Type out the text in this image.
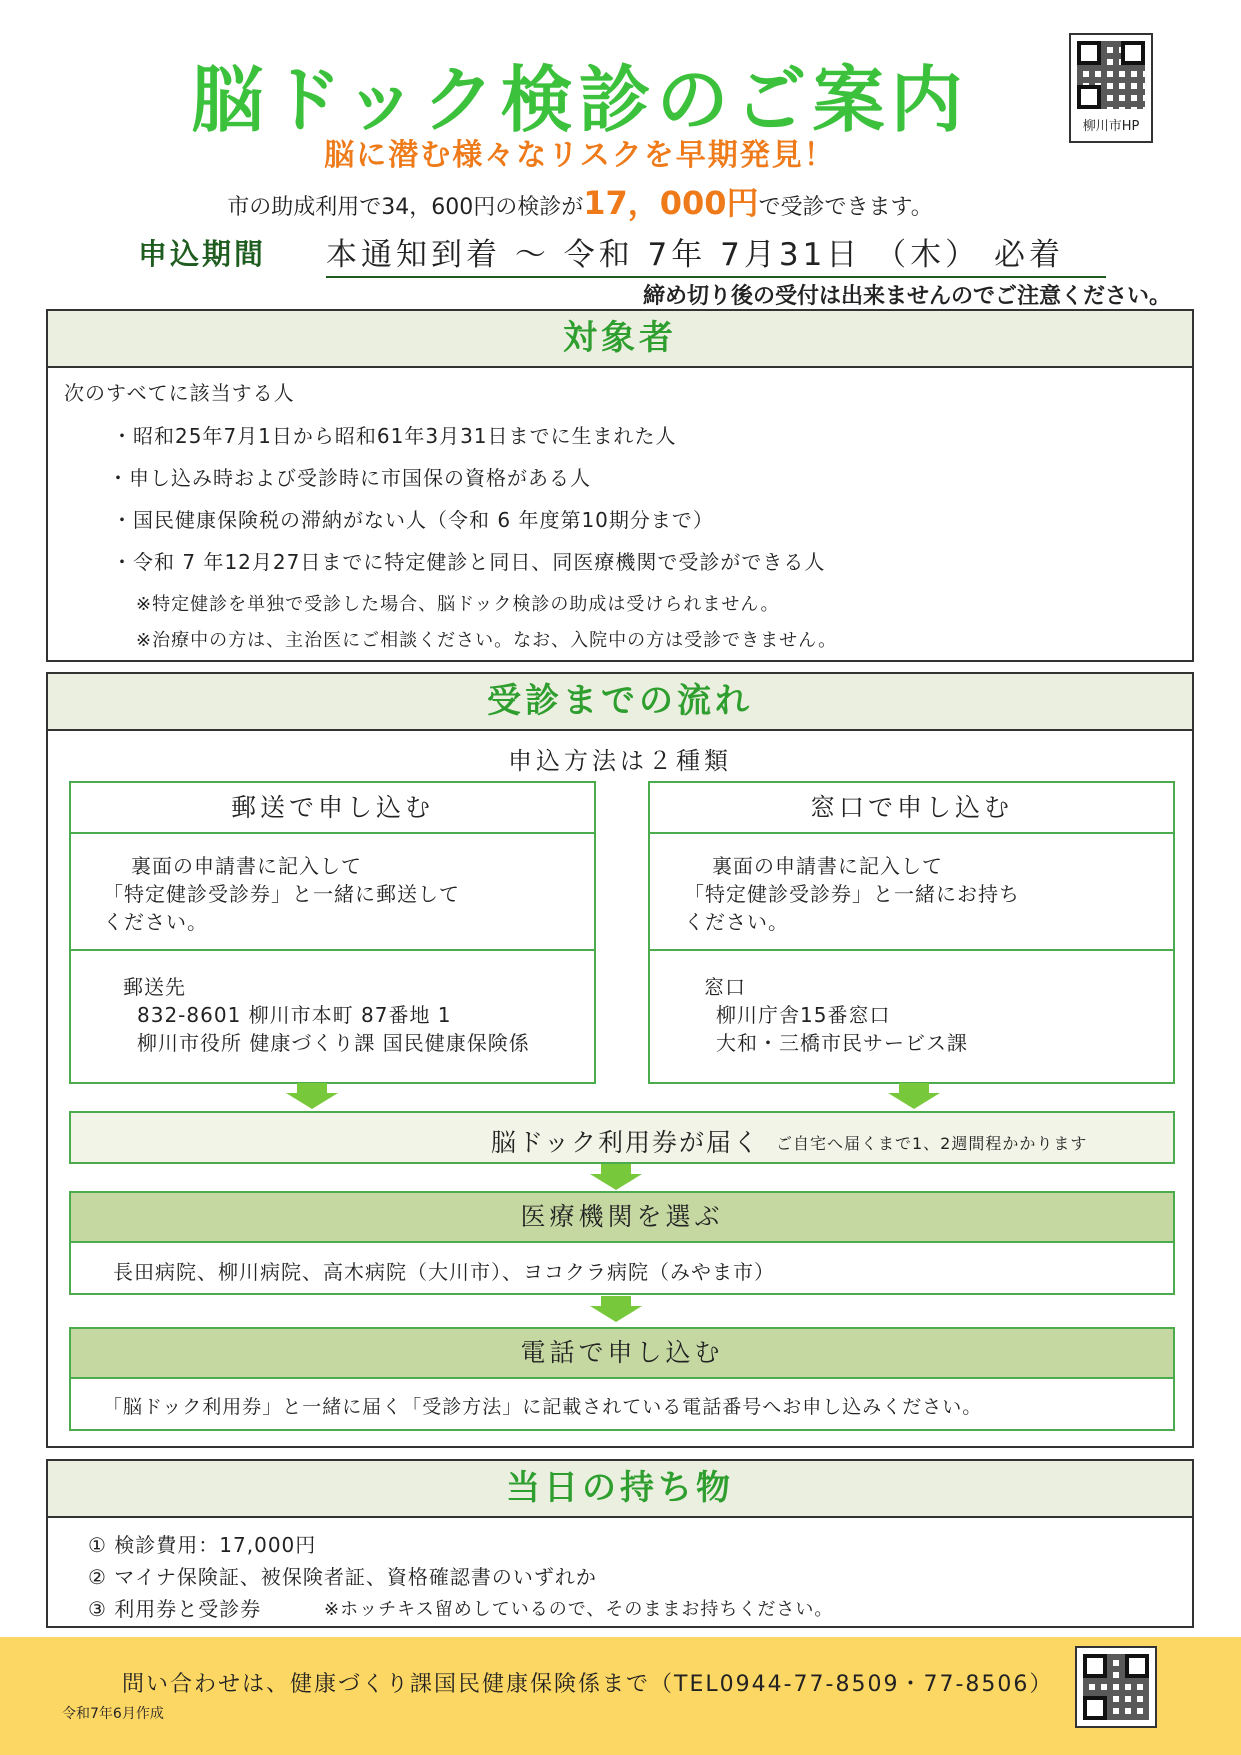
脳ドック検診のご案内
脳に潜む様々なリスクを早期発見！
市の助成利用で34，600円の検診が17，000円で受診できます。
申込期間 本通知到着 ～ 令和 7年 7月31日 （木） 必着
締め切り後の受付は出来ませんのでご注意ください。
柳川市HP
対象者
次のすべてに該当する人
・昭和25年7月1日から昭和61年3月31日までに生まれた人
・申し込み時および受診時に市国保の資格がある人
・国民健康保険税の滞納がない人（令和 6 年度第10期分まで）
・令和 7 年12月27日までに特定健診と同日、同医療機関で受診ができる人
※特定健診を単独で受診した場合、脳ドック検診の助成は受けられません。
※治療中の方は、主治医にご相談ください。なお、入院中の方は受診できません。
受診までの流れ
申込方法は２種類
郵送で申し込む
裏面の申請書に記入して
「特定健診受診券」と一緒に郵送して
ください。
郵送先
832-8601 柳川市本町 87番地 1
柳川市役所 健康づくり課 国民健康保険係
窓口で申し込む
裏面の申請書に記入して
「特定健診受診券」と一緒にお持ち
ください。
窓口
柳川庁舎15番窓口
大和・三橋市民サービス課
脳ドック利用券が届く ご自宅へ届くまで1、2週間程かかります
医療機関を選ぶ
長田病院、柳川病院、高木病院（大川市）、ヨコクラ病院（みやま市）
電話で申し込む
「脳ドック利用券」と一緒に届く「受診方法」に記載されている電話番号へお申し込みください。
当日の持ち物
① 検診費用：17,000円
② マイナ保険証、被保険者証、資格確認書のいずれか
③ 利用券と受診券	※ホッチキス留めしているので、そのままお持ちください。
問い合わせは、健康づくり課国民健康保険係まで（TEL0944-77-8509・77-8506）
令和7年6月作成
